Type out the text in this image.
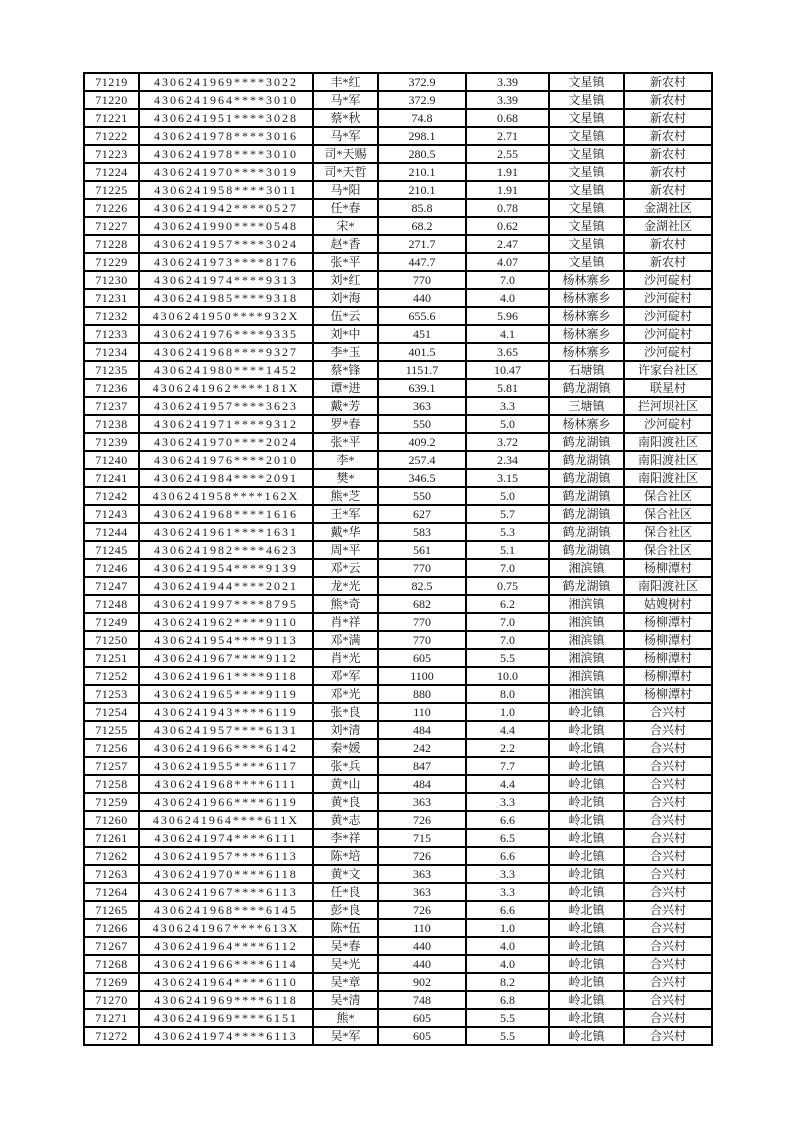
71219	4306241969****3022	丰*红	372.9	3.39	文星镇	新农村
71220	4306241964****3010	马*军	372.9	3.39	文星镇	新农村
71221	4306241951****3028	蔡*秋	74.8	0.68	文星镇	新农村
71222	4306241978****3016	马*军	298.1	2.71	文星镇	新农村
71223	4306241978****3010	司*天赐	280.5	2.55	文星镇	新农村
71224	4306241970****3019	司*天哲	210.1	1.91	文星镇	新农村
71225	4306241958****3011	马*阳	210.1	1.91	文星镇	新农村
71226	4306241942****0527	任*春	85.8	0.78	文星镇	金湖社区
71227	4306241990****0548	宋*	68.2	0.62	文星镇	金湖社区
71228	4306241957****3024	赵*香	271.7	2.47	文星镇	新农村
71229	4306241973****8176	张*平	447.7	4.07	文星镇	新农村
71230	4306241974****9313	刘*红	770	7.0	杨林寨乡	沙河碇村
71231	4306241985****9318	刘*海	440	4.0	杨林寨乡	沙河碇村
71232	4306241950****932X	伍*云	655.6	5.96	杨林寨乡	沙河碇村
71233	4306241976****9335	刘*中	451	4.1	杨林寨乡	沙河碇村
71234	4306241968****9327	李*玉	401.5	3.65	杨林寨乡	沙河碇村
71235	4306241980****1452	蔡*锋	1151.7	10.47	石塘镇	许家台社区
71236	4306241962****181X	谭*进	639.1	5.81	鹤龙湖镇	联星村
71237	4306241957****3623	戴*芳	363	3.3	三塘镇	拦河坝社区
71238	4306241971****9312	罗*春	550	5.0	杨林寨乡	沙河碇村
71239	4306241970****2024	张*平	409.2	3.72	鹤龙湖镇	南阳渡社区
71240	4306241976****2010	李*	257.4	2.34	鹤龙湖镇	南阳渡社区
71241	4306241984****2091	樊*	346.5	3.15	鹤龙湖镇	南阳渡社区
71242	4306241958****162X	熊*芝	550	5.0	鹤龙湖镇	保合社区
71243	4306241968****1616	王*军	627	5.7	鹤龙湖镇	保合社区
71244	4306241961****1631	戴*华	583	5.3	鹤龙湖镇	保合社区
71245	4306241982****4623	周*平	561	5.1	鹤龙湖镇	保合社区
71246	4306241954****9139	邓*云	770	7.0	湘滨镇	杨柳潭村
71247	4306241944****2021	龙*光	82.5	0.75	鹤龙湖镇	南阳渡社区
71248	4306241997****8795	熊*奇	682	6.2	湘滨镇	姑嫂树村
71249	4306241962****9110	肖*祥	770	7.0	湘滨镇	杨柳潭村
71250	4306241954****9113	邓*满	770	7.0	湘滨镇	杨柳潭村
71251	4306241967****9112	肖*光	605	5.5	湘滨镇	杨柳潭村
71252	4306241961****9118	邓*军	1100	10.0	湘滨镇	杨柳潭村
71253	4306241965****9119	邓*光	880	8.0	湘滨镇	杨柳潭村
71254	4306241943****6119	张*良	110	1.0	岭北镇	合兴村
71255	4306241957****6131	刘*清	484	4.4	岭北镇	合兴村
71256	4306241966****6142	秦*媛	242	2.2	岭北镇	合兴村
71257	4306241955****6117	张*兵	847	7.7	岭北镇	合兴村
71258	4306241968****6111	黄*山	484	4.4	岭北镇	合兴村
71259	4306241966****6119	黄*良	363	3.3	岭北镇	合兴村
71260	4306241964****611X	黄*志	726	6.6	岭北镇	合兴村
71261	4306241974****6111	李*祥	715	6.5	岭北镇	合兴村
71262	4306241957****6113	陈*培	726	6.6	岭北镇	合兴村
71263	4306241970****6118	黄*文	363	3.3	岭北镇	合兴村
71264	4306241967****6113	任*良	363	3.3	岭北镇	合兴村
71265	4306241968****6145	彭*良	726	6.6	岭北镇	合兴村
71266	4306241967****613X	陈*伍	110	1.0	岭北镇	合兴村
71267	4306241964****6112	吴*春	440	4.0	岭北镇	合兴村
71268	4306241966****6114	吴*光	440	4.0	岭北镇	合兴村
71269	4306241964****6110	吴*章	902	8.2	岭北镇	合兴村
71270	4306241969****6118	吴*清	748	6.8	岭北镇	合兴村
71271	4306241969****6151	熊*	605	5.5	岭北镇	合兴村
71272	4306241974****6113	吴*军	605	5.5	岭北镇	合兴村
